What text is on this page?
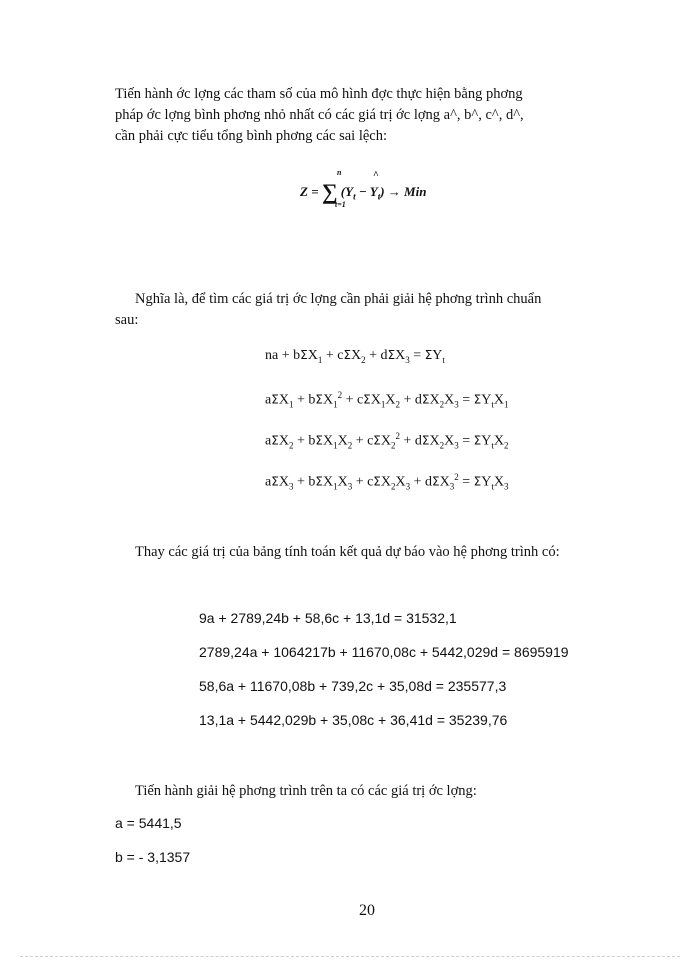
Tiến hành ớc lợng các tham số của mô hình đợc thực hiện bằng phơng
pháp ớc lợng bình phơng nhỏ nhất có các giá trị ớc lợng a^, b^, c^, d^,
cần phải cực tiểu tổng bình phơng các sai lệch:
Z = ∑
n
t=1
($Y_t - Y$
^
$_t$) → Min
Nghĩa là, để tìm các giá trị ớc lợng cần phải giải hệ phơng trình chuẩn
sau:
na + $b\Sigma X_1 + c\Sigma X_2 + d\Sigma X_3 = \Sigma Y_t$
$a\Sigma X_1 + b\Sigma X_1^2 + c\Sigma X_1X_2 + d\Sigma X_2X_3 = \Sigma Y_tX_1$
$a\Sigma X_2 + b\Sigma X_1X_2 + c\Sigma X_2^2 + d\Sigma X_2X_3 = \Sigma Y_tX_2$
$a\Sigma X_3 + b\Sigma X_1X_3 + c\Sigma X_2X_3 + d\Sigma X_3^2 = \Sigma Y_tX_3$
Thay các giá trị của bảng tính toán kết quả dự báo vào hệ phơng trình có:
9a + 2789,24b + 58,6c + 13,1d = 31532,1
2789,24a + 1064217b + 11670,08c + 5442,029d = 8695919
58,6a + 11670,08b + 739,2c + 35,08d = 235577,3
13,1a + 5442,029b + 35,08c + 36,41d = 35239,76
Tiến hành giải hệ phơng trình trên ta có các giá trị ớc lợng:
a = 5441,5
b = - 3,1357
20
